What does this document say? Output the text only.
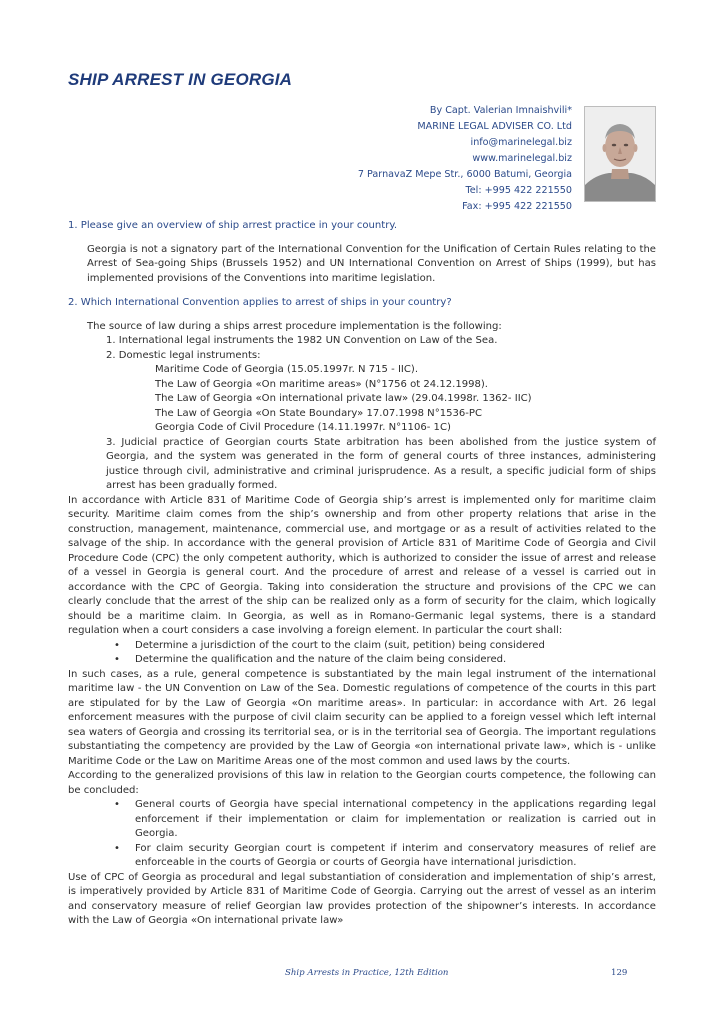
SHIP ARREST IN GEORGIA
By Capt. Valerian Imnaishvili*
MARINE LEGAL ADVISER CO. Ltd
info@marinelegal.biz
www.marinelegal.biz
7 ParnavaZ Mepe Str., 6000 Batumi, Georgia
Tel: +995 422 221550
Fax: +995 422 221550
1. Please give an overview of ship arrest practice in your country.

Georgia is not a signatory part of the International Convention for the Unification of Certain Rules relating to the Arrest of Sea-going Ships (Brussels 1952) and UN International Convention on Arrest of Ships (1999), but has implemented provisions of the Conventions into maritime legislation.

2. Which International Convention applies to arrest of ships in your country?

The source of law during a ships arrest procedure implementation is the following:

1. International legal instruments the 1982 UN Convention on Law of the Sea.

2. Domestic legal instruments:

Maritime Code of Georgia (15.05.1997r. N 715 - IIC).

The Law of Georgia «On maritime areas» (N°1756 ot 24.12.1998).

The Law of Georgia «On international private law» (29.04.1998r. 1362- IIC)

The Law of Georgia «On State Boundary» 17.07.1998 N°1536-PC

Georgia Code of Civil Procedure (14.11.1997r. N°1106- 1C)

3. Judicial practice of Georgian courts State arbitration has been abolished from the justice system of Georgia, and the system was generated in the form of general courts of three instances, administering justice through civil, administrative and criminal jurisprudence. As a result, a specific judicial form of ships arrest has been gradually formed.

In accordance with Article 831 of Maritime Code of Georgia ship’s arrest is implemented only for maritime claim security. Maritime claim comes from the ship’s ownership and from other property relations that arise in the construction, management, maintenance, commercial use, and mortgage or as a result of activities related to the salvage of the ship. In accordance with the general provision of Article 831 of Maritime Code of Georgia and Civil Procedure Code (CPC) the only competent authority, which is authorized to consider the issue of arrest and release of a vessel in Georgia is general court. And the procedure of arrest and release of a vessel is carried out in accordance with the CPC of Georgia. Taking into consideration the structure and provisions of the CPC we can clearly conclude that the arrest of the ship can be realized only as a form of security for the claim, which logically should be a maritime claim. In Georgia, as well as in Romano-Germanic legal systems, there is a standard regulation when a court considers a case involving a foreign element. In particular the court shall:

• Determine a jurisdiction of the court to the claim (suit, petition) being considered
• Determine the qualification and the nature of the claim being considered.

In such cases, as a rule, general competence is substantiated by the main legal instrument of the international maritime law - the UN Convention on Law of the Sea. Domestic regulations of competence of the courts in this part are stipulated for by the Law of Georgia «On maritime areas». In particular: in accordance with Art. 26 legal enforcement measures with the purpose of civil claim security can be applied to a foreign vessel which left internal sea waters of Georgia and crossing its territorial sea, or is in the territorial sea of Georgia. The important regulations substantiating the competency are provided by the Law of Georgia «on international private law», which is - unlike Maritime Code or the Law on Maritime Areas one of the most common and used laws by the courts.

According to the generalized provisions of this law in relation to the Georgian courts competence, the following can be concluded:

• General courts of Georgia have special international competency in the applications regarding legal enforcement if their implementation or claim for implementation or realization is carried out in Georgia.
• For claim security Georgian court is competent if interim and conservatory measures of relief are enforceable in the courts of Georgia or courts of Georgia have international jurisdiction.

Use of CPC of Georgia as procedural and legal substantiation of consideration and implementation of ship’s arrest, is imperatively provided by Article 831 of Maritime Code of Georgia. Carrying out the arrest of vessel as an interim and conservatory measure of relief Georgian law provides protection of the shipowner’s interests. In accordance with the Law of Georgia «On international private law»

Ship Arrests in Practice, 12th Edition	129
